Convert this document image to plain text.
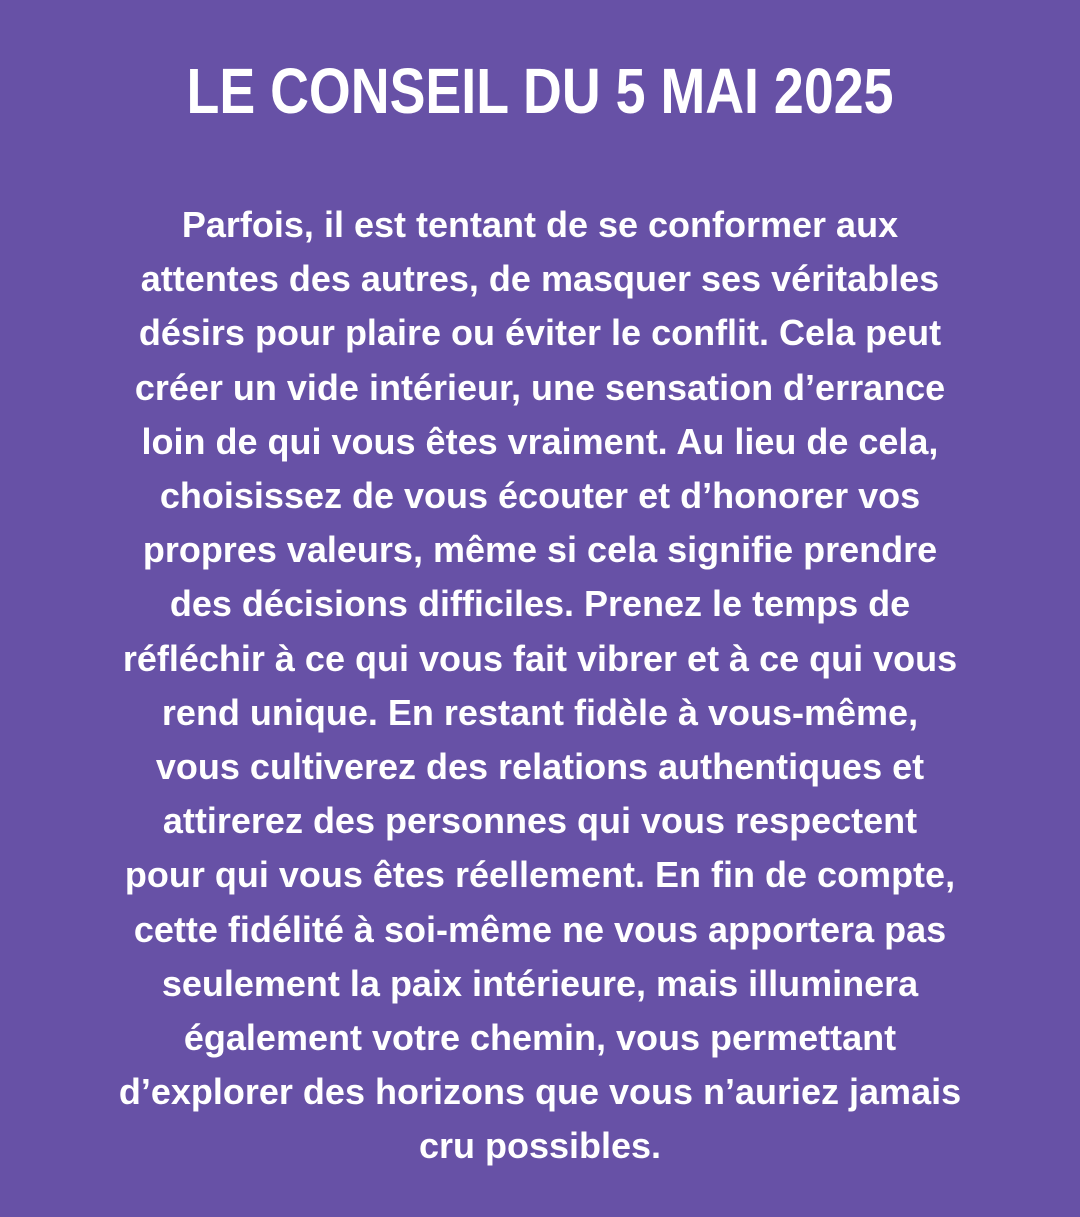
LE CONSEIL DU 5 MAI 2025

Parfois, il est tentant de se conformer aux
attentes des autres, de masquer ses véritables
désirs pour plaire ou éviter le conflit. Cela peut
créer un vide intérieur, une sensation d’errance
loin de qui vous êtes vraiment. Au lieu de cela,
choisissez de vous écouter et d’honorer vos
propres valeurs, même si cela signifie prendre
des décisions difficiles. Prenez le temps de
réfléchir à ce qui vous fait vibrer et à ce qui vous
rend unique. En restant fidèle à vous-même,
vous cultiverez des relations authentiques et
attirerez des personnes qui vous respectent
pour qui vous êtes réellement. En fin de compte,
cette fidélité à soi-même ne vous apportera pas
seulement la paix intérieure, mais illuminera
également votre chemin, vous permettant
d’explorer des horizons que vous n’auriez jamais
cru possibles.
